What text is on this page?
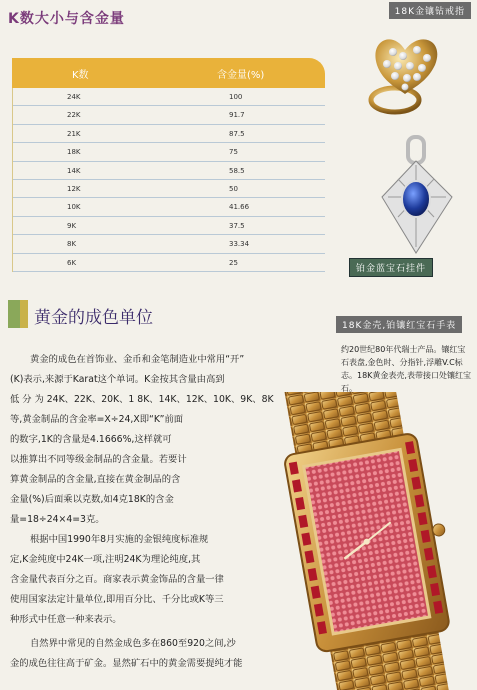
K数大小与含金量
K数	含金量(%)
24K	100
22K	91.7
21K	87.5
18K	75
14K	58.5
12K	50
10K	41.66
9K	37.5
8K	33.34
6K	25
18K金镶钻戒指
铂金蓝宝石挂件
18K金壳,铂镶红宝石手表
约20世纪80年代瑞士产品。镶红宝石表盘,金色时、分指针,浮雕V.C标志。18K黄金表壳,表带接口处镶红宝石。
黄金的成色单位
黄金的成色在首饰业、金币和金笔制造业中常用“开”
(K)表示,来源于Karat这个单词。K金按其含量由高到
低 分 为 24K、22K、20K、1 8K、14K、12K、10K、9K、8K
等,黄金制品的含金率=X÷24,X即“K”前面
的数字,1K的含量是4.1666%,这样就可
以推算出不同等级金制品的含金量。若要计
算黄金制品的含金量,直接在黄金制品的含
金量(%)后面乘以克数,如4克18K的含金
量=18÷24×4=3克。
根据中国1990年8月实施的金银纯度标准规
定,K金纯度中24K一项,注明24K为理论纯度,其
含金量代表百分之百。商家表示黄金饰品的含量一律
使用国家法定计量单位,即用百分比、千分比或K等三
种形式中任意一种来表示。
自然界中常见的自然金成色多在860至920之间,沙
金的成色往往高于矿金。显然矿石中的黄金需要提纯才能
